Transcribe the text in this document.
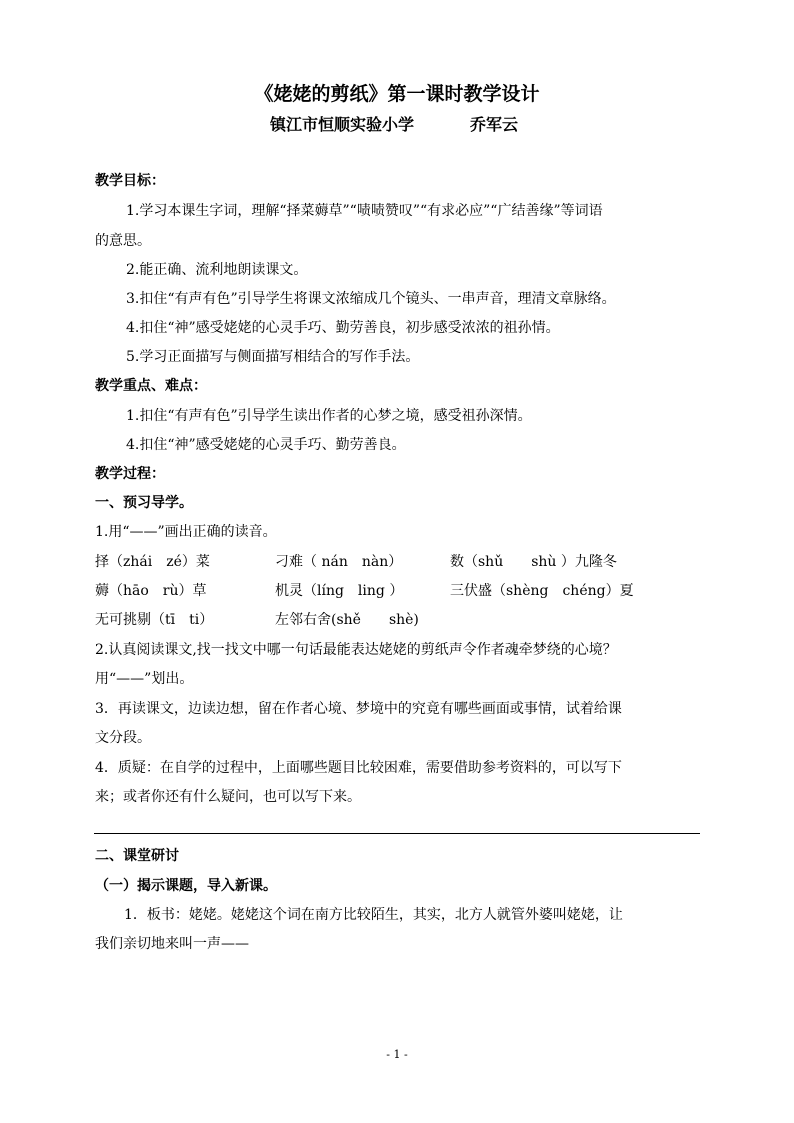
《姥姥的剪纸》第一课时教学设计
镇江市恒顺实验小学	乔军云
教学目标：
1.学习本课生字词，理解“择菜薅草”“啧啧赞叹”“有求必应”“广结善缘”等词语
的意思。
2.能正确、流利地朗读课文。
3.扣住“有声有色”引导学生将课文浓缩成几个镜头、一串声音，理清文章脉络。
4.扣住“神”感受姥姥的心灵手巧、勤劳善良，初步感受浓浓的祖孙情。
5.学习正面描写与侧面描写相结合的写作手法。
教学重点、难点：
1.扣住“有声有色”引导学生读出作者的心梦之境，感受祖孙深情。
4.扣住“神”感受姥姥的心灵手巧、勤劳善良。
教学过程：
一、预习导学。
1.用“——”画出正确的读音。
择（zhái　zé）菜	刁难（ nán　nàn）	数（shǔ　　shù ）九隆冬
薅（hāo　rù）草	机灵（líng　ling ）	三伏盛（shèng　chéng）夏
无可挑剔（tī　ti）	左邻右舍(shě　　shè)
2.认真阅读课文,找一找文中哪一句话最能表达姥姥的剪纸声令作者魂牵梦绕的心境？
用“——”划出。
3．再读课文，边读边想，留在作者心境、梦境中的究竟有哪些画面或事情，试着给课
文分段。
4．质疑：在自学的过程中，上面哪些题目比较困难，需要借助参考资料的，可以写下
来；或者你还有什么疑问，也可以写下来。
二、课堂研讨
（一）揭示课题，导入新课。
1．板书：姥姥。姥姥这个词在南方比较陌生，其实，北方人就管外婆叫姥姥，让
我们亲切地来叫一声——
- 1 -
